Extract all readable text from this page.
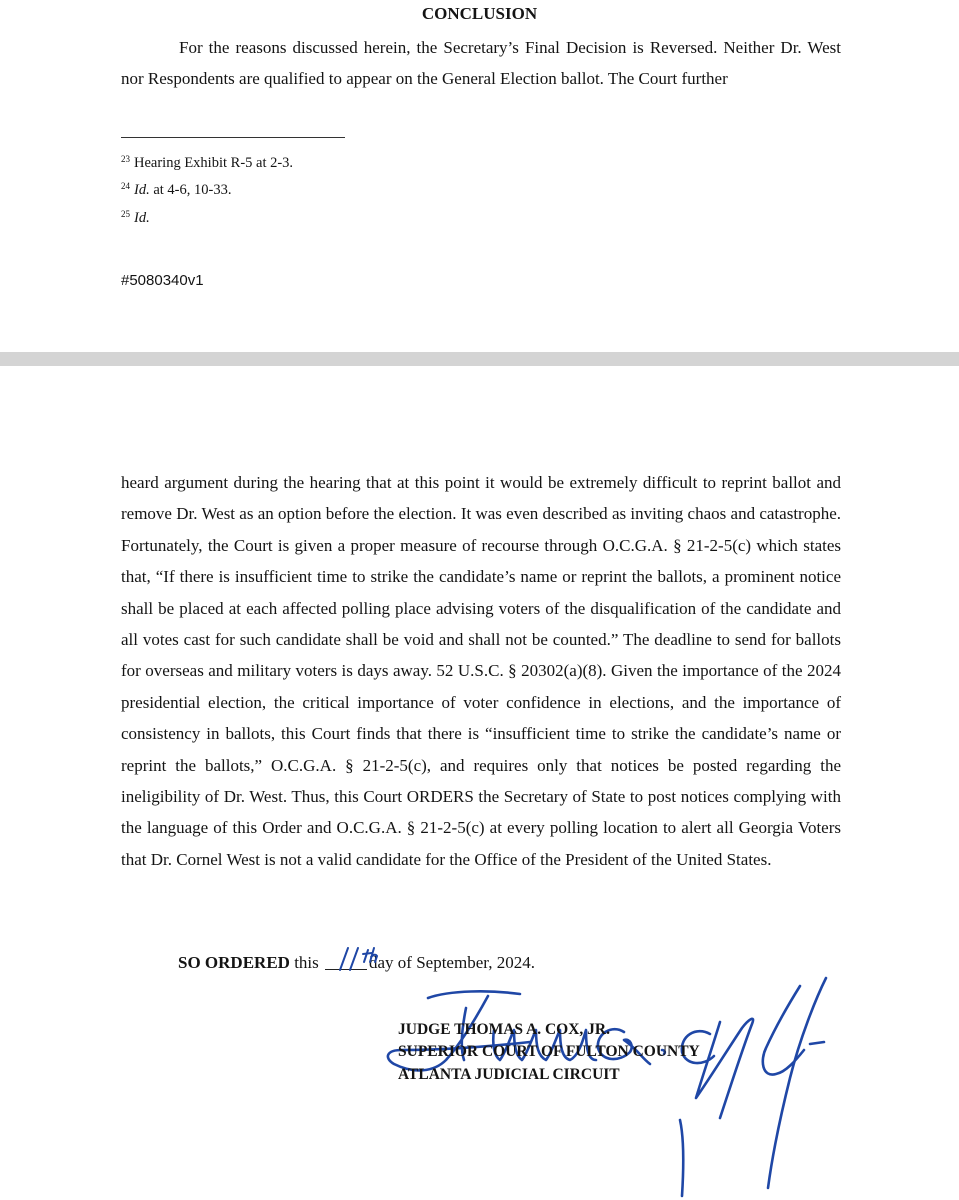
CONCLUSION
For the reasons discussed herein, the Secretary’s Final Decision is Reversed. Neither Dr. West nor Respondents are qualified to appear on the General Election ballot. The Court further
$^{23}$ Hearing Exhibit R-5 at 2-3.
$^{24}$ Id. at 4-6, 10-33.
$^{25}$ Id.
#5080340v1
heard argument during the hearing that at this point it would be extremely difficult to reprint ballot and remove Dr. West as an option before the election. It was even described as inviting chaos and catastrophe. Fortunately, the Court is given a proper measure of recourse through O.C.G.A. § 21-2-5(c) which states that, “If there is insufficient time to strike the candidate’s name or reprint the ballots, a prominent notice shall be placed at each affected polling place advising voters of the disqualification of the candidate and all votes cast for such candidate shall be void and shall not be counted.” The deadline to send for ballots for overseas and military voters is days away. 52 U.S.C. § 20302(a)(8). Given the importance of the 2024 presidential election, the critical importance of voter confidence in elections, and the importance of consistency in ballots, this Court finds that there is “insufficient time to strike the candidate’s name or reprint the ballots,” O.C.G.A. § 21-2-5(c), and requires only that notices be posted regarding the ineligibility of Dr. West. Thus, this Court ORDERS the Secretary of State to post notices complying with the language of this Order and O.C.G.A. § 21-2-5(c) at every polling location to alert all Georgia Voters that Dr. Cornel West is not a valid candidate for the Office of the President of the United States.
SO ORDERED this	day of September, 2024.
JUDGE THOMAS A. COX, JR.
SUPERIOR COURT OF FULTON COUNTY
ATLANTA JUDICIAL CIRCUIT
